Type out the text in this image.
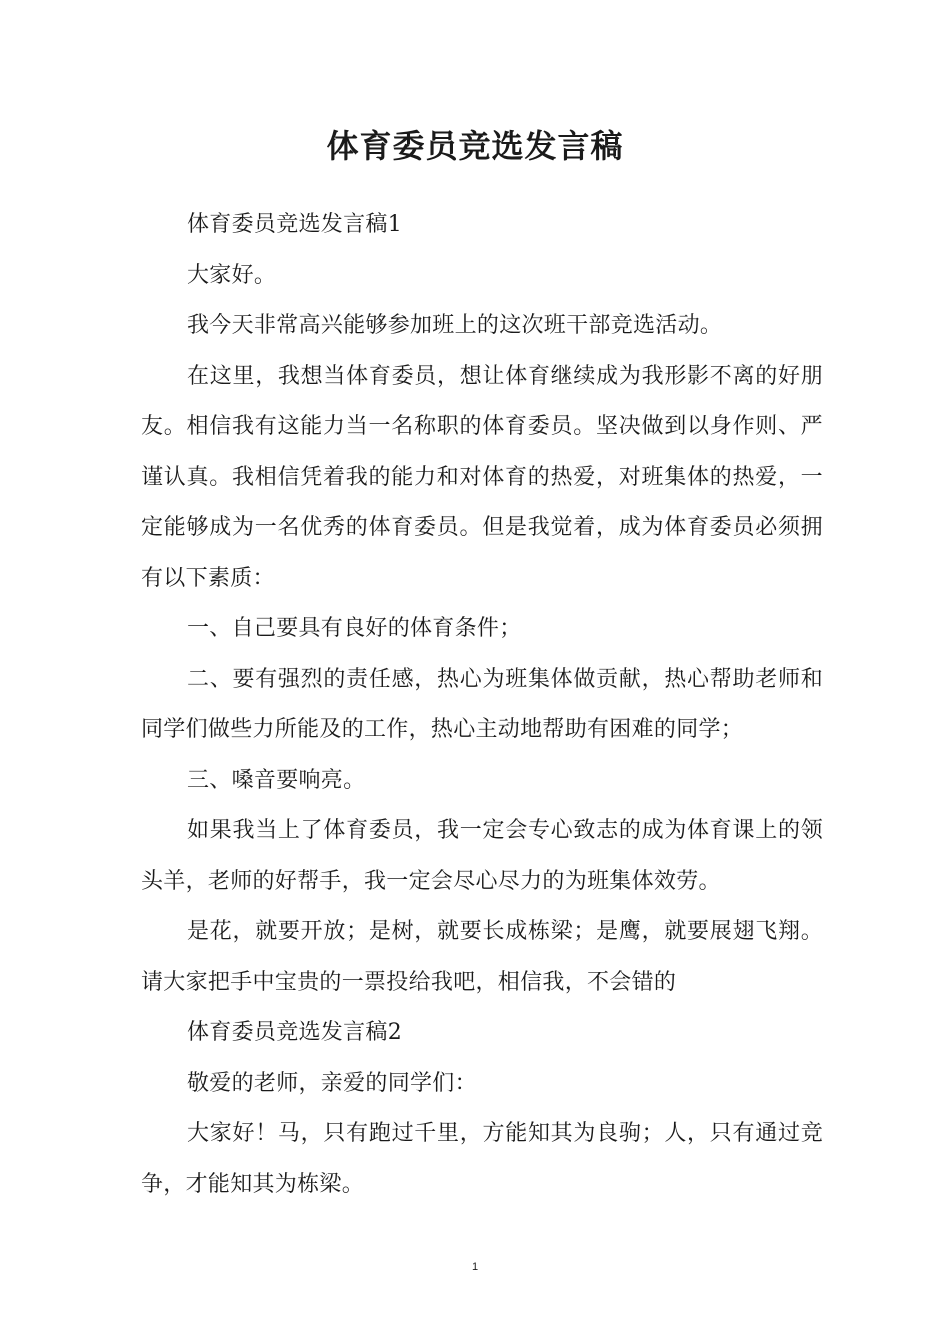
体育委员竞选发言稿

体育委员竞选发言稿1

大家好。

我今天非常高兴能够参加班上的这次班干部竞选活动。

在这里，我想当体育委员，想让体育继续成为我形影不离的好朋友。相信我有这能力当一名称职的体育委员。坚决做到以身作则、严谨认真。我相信凭着我的能力和对体育的热爱，对班集体的热爱，一定能够成为一名优秀的体育委员。但是我觉着，成为体育委员必须拥有以下素质：

一、自己要具有良好的体育条件；

二、要有强烈的责任感，热心为班集体做贡献，热心帮助老师和同学们做些力所能及的工作，热心主动地帮助有困难的同学；

三、嗓音要响亮。

如果我当上了体育委员，我一定会专心致志的成为体育课上的领头羊，老师的好帮手，我一定会尽心尽力的为班集体效劳。

是花，就要开放；是树，就要长成栋梁；是鹰，就要展翅飞翔。请大家把手中宝贵的一票投给我吧，相信我，不会错的

体育委员竞选发言稿2

敬爱的老师，亲爱的同学们：

大家好！马，只有跑过千里，方能知其为良驹；人，只有通过竞争，才能知其为栋梁。

1
